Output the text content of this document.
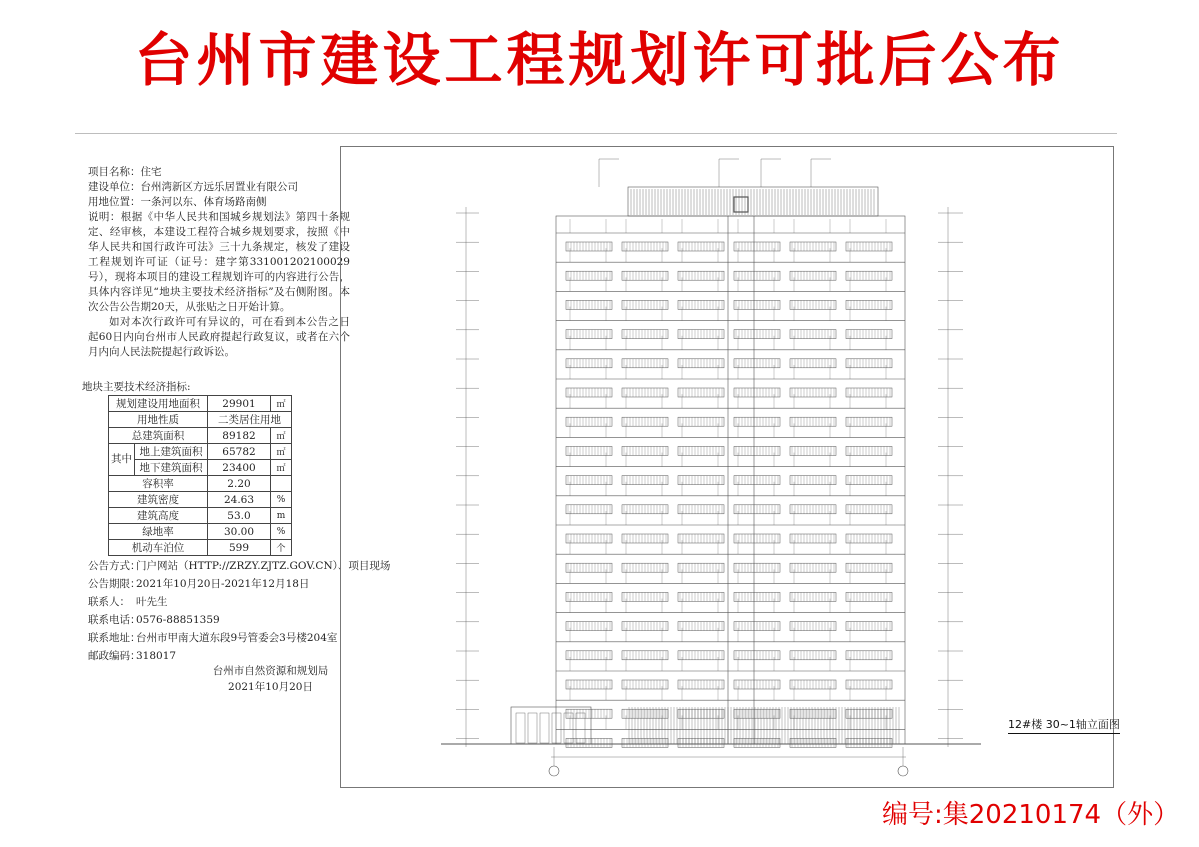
台州市建设工程规划许可批后公布
项目名称：住宅
建设单位：台州湾新区方远乐居置业有限公司
用地位置：一条河以东、体育场路南侧
说明：根据《中华人民共和国城乡规划法》第四十条规定、经审核，本建设工程符合城乡规划要求，按照《中华人民共和国行政许可法》三十九条规定，核发了建设工程规划许可证（证号：建字第331001202100029号），现将本项目的建设工程规划许可的内容进行公告，具体内容详见“地块主要技术经济指标”及右侧附图。本次公告公告期20天，从张贴之日开始计算。
如对本次行政许可有异议的，可在看到本公告之日起60日内向台州市人民政府提起行政复议，或者在六个月内向人民法院提起行政诉讼。
地块主要技术经济指标:
规划建设用地面积		29901	㎡
用地性质		二类居住用地	
总建筑面积		89182	㎡
其中	地上建筑面积	65782	㎡
	地下建筑面积	23400	㎡
容积率		2.20	
建筑密度		24.63	%
建筑高度		53.0	m
绿地率		30.00	%
机动车泊位		599	个
公告方式：门户网站（HTTP://ZRZY.ZJTZ.GOV.CN）、项目现场
公告期限：2021年10月20日-2021年12月18日
联系人： 叶先生
联系电话：0576-88851359
联系地址：台州市甲南大道东段9号管委会3号楼204室
邮政编码：318017
台州市自然资源和规划局
2021年10月20日
12#楼 30~1轴立面图
编号:集20210174（外）
